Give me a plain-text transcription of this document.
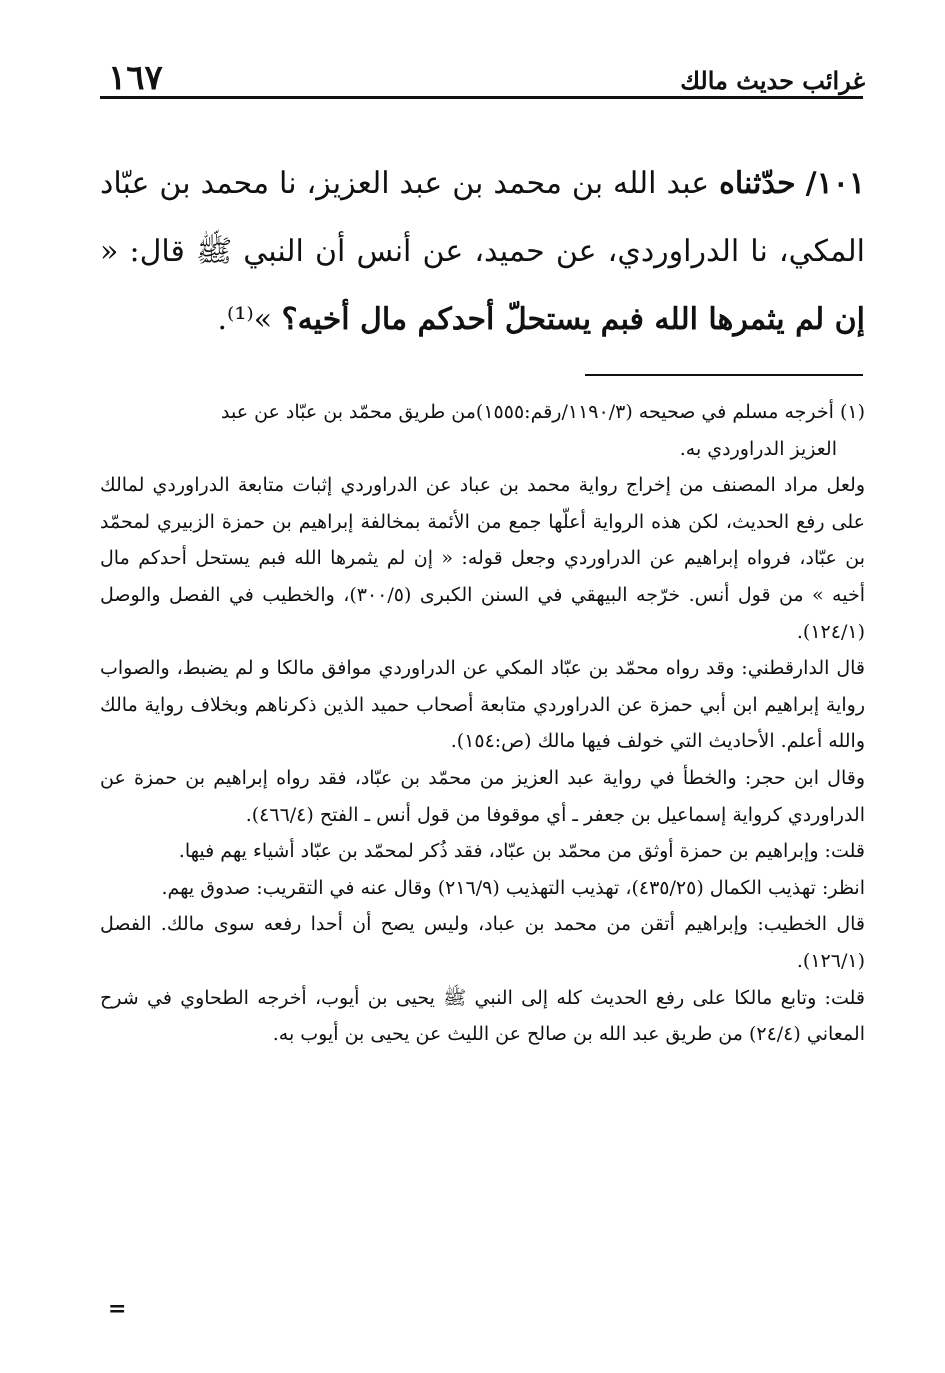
غرائب حديث مالك
١٦٧

١٠١/ حدّثناه عبد الله بن محمد بن عبد العزيز، نا محمد بن عبّاد المكي، نا الدراوردي، عن حميد، عن أنس أن النبي ﷺ قال: « إن لم يثمرها الله فبم يستحلّ أحدكم مال أخيه؟ »⁽¹⁾.

(١) أخرجه مسلم في صحيحه (١١٩٠/٣/رقم:١٥٥٥)من طريق محمّد بن عبّاد عن عبد

العزيز الدراوردي به.

ولعل مراد المصنف من إخراج رواية محمد بن عباد عن الدراوردي إثبات متابعة الدراوردي لمالك على رفع الحديث، لكن هذه الرواية أعلّها جمع من الأئمة بمخالفة إبراهيم بن حمزة الزبيري لمحمّد بن عبّاد، فرواه إبراهيم عن الدراوردي وجعل قوله: « إن لم يثمرها الله فبم يستحل أحدكم مال أخيه » من قول أنس. خرّجه البيهقي في السنن الكبرى (٣٠٠/٥)، والخطيب في الفصل والوصل (١٢٤/١).

قال الدارقطني: وقد رواه محمّد بن عبّاد المكي عن الدراوردي موافق مالكا و لم يضبط، والصواب رواية إبراهيم ابن أبي حمزة عن الدراوردي متابعة أصحاب حميد الذين ذكرناهم وبخلاف رواية مالك والله أعلم. الأحاديث التي خولف فيها مالك (ص:١٥٤).

وقال ابن حجر: والخطأ في رواية عبد العزيز من محمّد بن عبّاد، فقد رواه إبراهيم بن حمزة عن الدراوردي كرواية إسماعيل بن جعفر ـ أي موقوفا من قول أنس ـ الفتح (٤٦٦/٤).

قلت: وإبراهيم بن حمزة أوثق من محمّد بن عبّاد، فقد ذُكر لمحمّد بن عبّاد أشياء يهم فيها.

انظر: تهذيب الكمال (٤٣٥/٢٥)، تهذيب التهذيب (٢١٦/٩) وقال عنه في التقريب: صدوق يهم.

قال الخطيب: وإبراهيم أتقن من محمد بن عباد، وليس يصح أن أحدا رفعه سوى مالك. الفصل (١٢٦/١).

قلت: وتابع مالكا على رفع الحديث كله إلى النبي ﷺ يحيى بن أيوب، أخرجه الطحاوي في شرح المعاني (٢٤/٤) من طريق عبد الله بن صالح عن الليث عن يحيى بن أيوب به.

=
